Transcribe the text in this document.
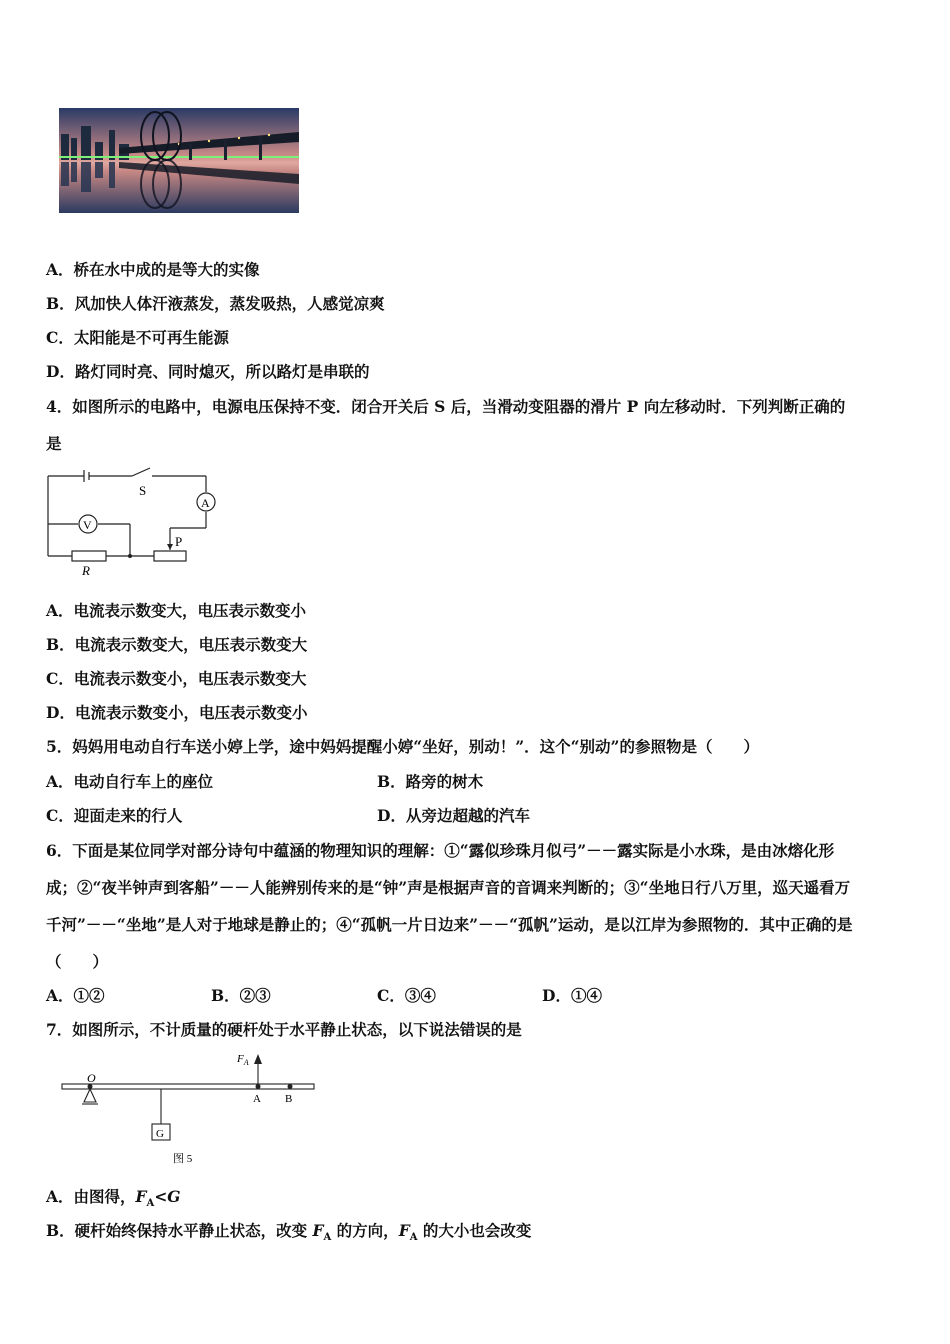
A．桥在水中成的是等大的实像
B．风加快人体汗液蒸发，蒸发吸热，人感觉凉爽
C．太阳能是不可再生能源
D．路灯同时亮、同时熄灭，所以路灯是串联的
4．如图所示的电路中，电源电压保持不变．闭合开关后 S 后，当滑动变阻器的滑片 P 向左移动时．下列判断正确的
是
S
A
V
R
P
A．电流表示数变大，电压表示数变小
B．电流表示数变大，电压表示数变大
C．电流表示数变小，电压表示数变大
D．电流表示数变小，电压表示数变小
5．妈妈用电动自行车送小婷上学，途中妈妈提醒小婷“坐好，别动！”．这个“别动”的参照物是（　　）
A．电动自行车上的座位	B．路旁的树木
C．迎面走来的行人	D．从旁边超越的汽车
6．下面是某位同学对部分诗句中蕴涵的物理知识的理解：①“露似珍珠月似弓”－－露实际是小水珠，是由冰熔化形
成；②“夜半钟声到客船”－－人能辨别传来的是“钟”声是根据声音的音调来判断的；③“坐地日行八万里，巡天遥看万
千河”－－“坐地”是人对于地球是静止的；④“孤帆一片日边来”－－“孤帆”运动，是以江岸为参照物的．其中正确的是
（　　）
A．①②	B．②③	C．③④	D．①④
7．如图所示，不计质量的硬杆处于水平静止状态，以下说法错误的是
O
$F_A$
A B
G
图 5
A．由图得，$F_A<G$
B．硬杆始终保持水平静止状态，改变 $F_A$ 的方向，$F_A$ 的大小也会改变
